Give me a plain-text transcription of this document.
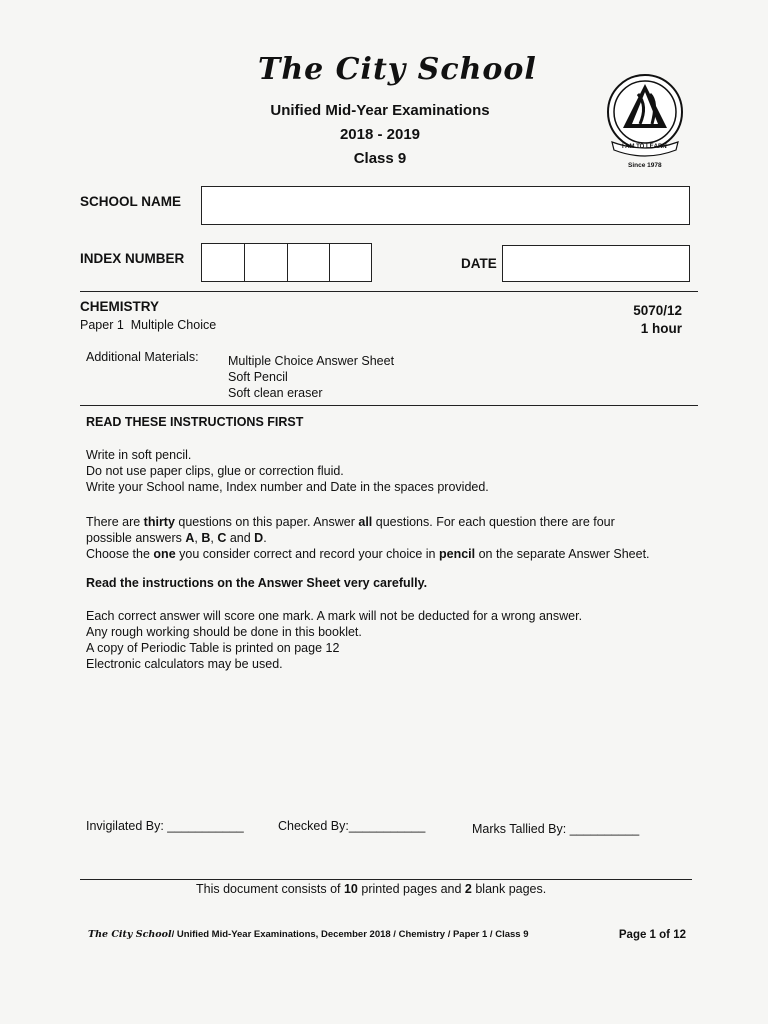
The City School
Unified Mid-Year Examinations
2018 - 2019
Class 9
I AM TO LEARN
Since 1978
SCHOOL NAME
INDEX NUMBER	DATE
CHEMISTRY
Paper 1 Multiple Choice
5070/12
1 hour
Additional Materials: Multiple Choice Answer Sheet
Soft Pencil
Soft clean eraser
READ THESE INSTRUCTIONS FIRST

Write in soft pencil.

Do not use paper clips, glue or correction fluid.

Write your School name, Index number and Date in the spaces provided.

There are thirty questions on this paper. Answer all questions. For each question there are four

possible answers A, B, C and D.

Choose the one you consider correct and record your choice in pencil on the separate Answer Sheet.

Read the instructions on the Answer Sheet very carefully.

Each correct answer will score one mark. A mark will not be deducted for a wrong answer.

Any rough working should be done in this booklet.

A copy of Periodic Table is printed on page 12

Electronic calculators may be used.

Invigilated By: ___________	Checked By:___________	Marks Tallied By: __________
This document consists of 10 printed pages and 2 blank pages.
The City School/ Unified Mid-Year Examinations, December 2018 / Chemistry / Paper 1 / Class 9	Page 1 of 12
